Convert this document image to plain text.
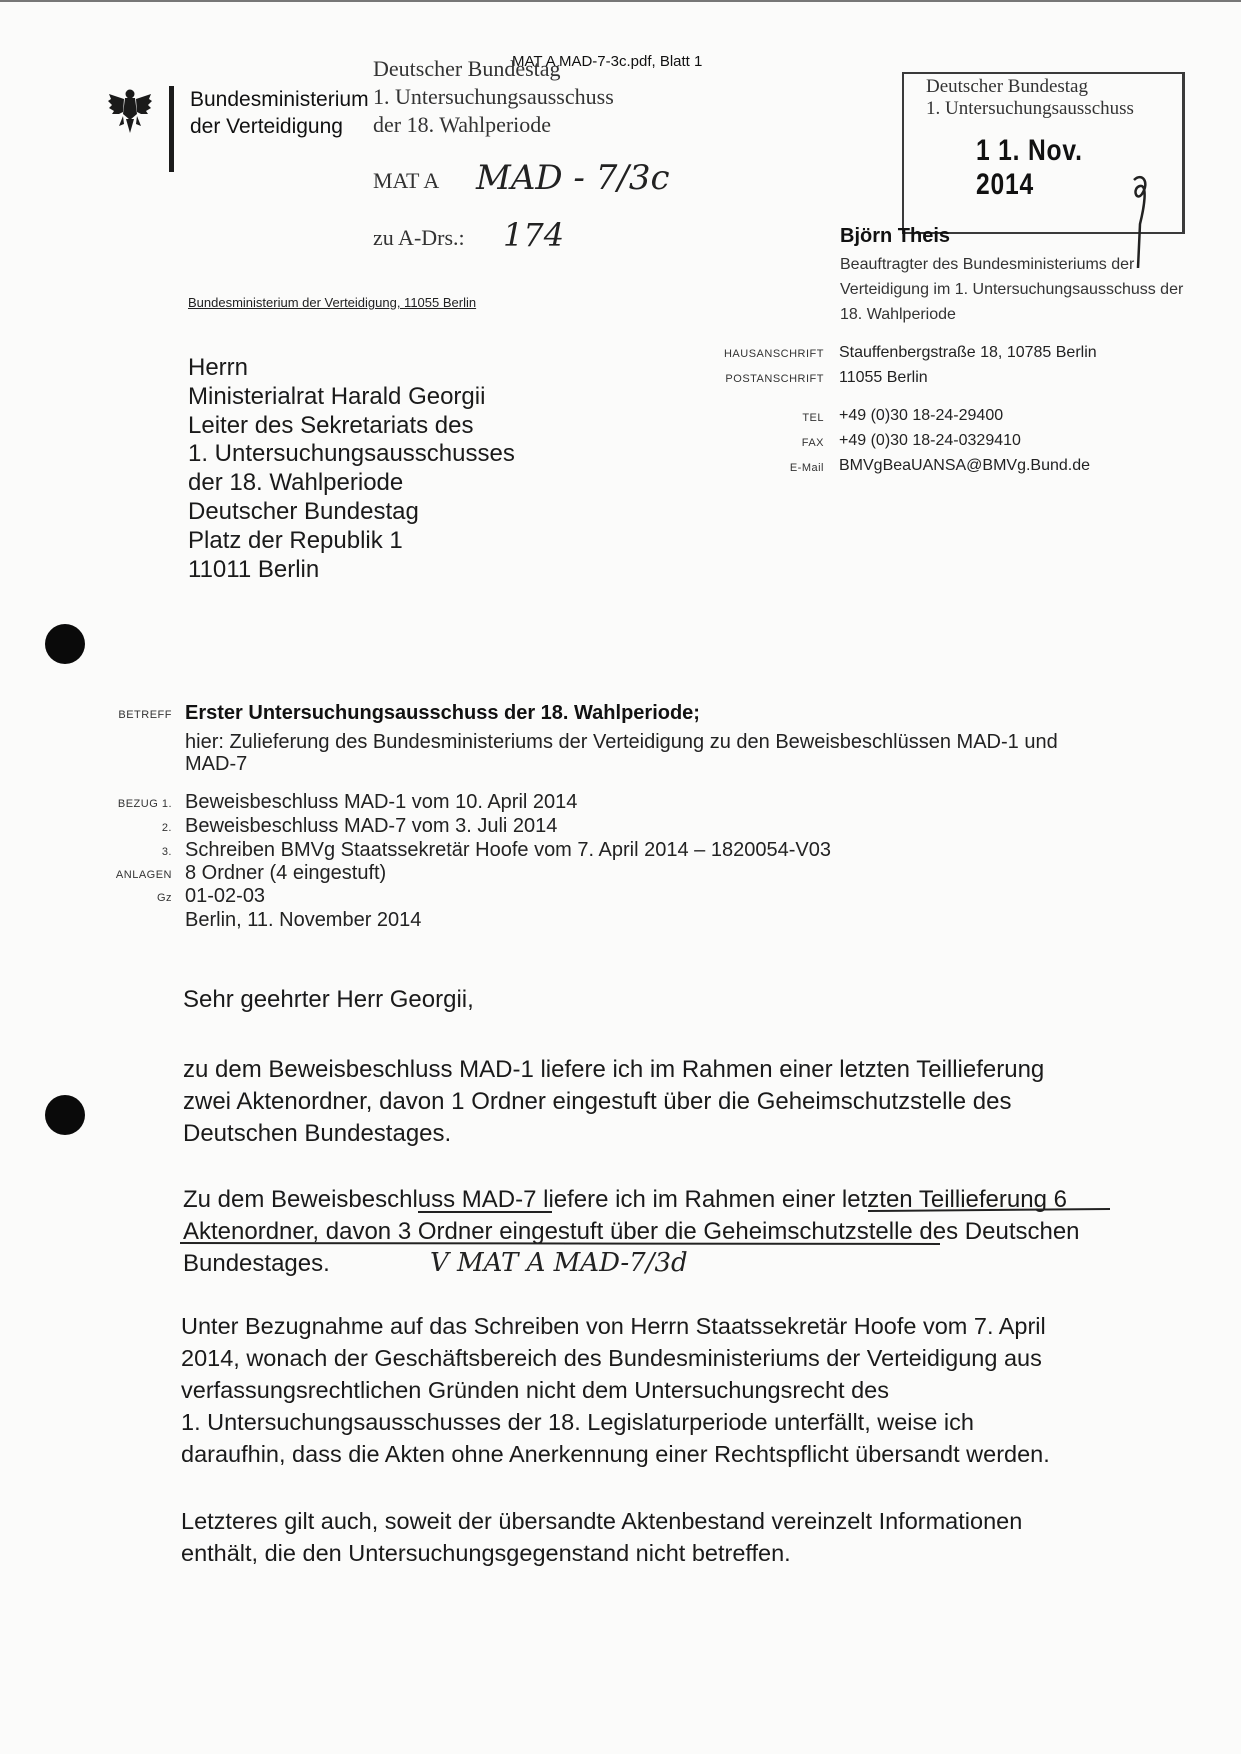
MAT A MAD-7-3c.pdf, Blatt 1
Bundesministerium
der Verteidigung
Deutscher Bundestag
1. Untersuchungsausschuss
der 18. Wahlperiode
MAT A MAD - 7/3c
zu A-Drs.: 174
Deutscher Bundestag
1. Untersuchungsausschuss
1 1. Nov. 2014
Björn Theis
Beauftragter des Bundesministeriums der
Verteidigung im 1. Untersuchungsausschuss der
18. Wahlperiode
Bundesministerium der Verteidigung, 11055 Berlin
Herrn
Ministerialrat Harald Georgii
Leiter des Sekretariats des
1. Untersuchungsausschusses
der 18. Wahlperiode
Deutscher Bundestag
Platz der Republik 1
11011 Berlin
HAUSANSCHRIFT Stauffenbergstraße 18, 10785 Berlin
POSTANSCHRIFT 11055 Berlin
TEL +49 (0)30 18-24-29400
FAX +49 (0)30 18-24-0329410
E-Mail BMVgBeaUANSA@BMVg.Bund.de
BETREFF Erster Untersuchungsausschuss der 18. Wahlperiode;
hier: Zulieferung des Bundesministeriums der Verteidigung zu den Beweisbeschlüssen MAD-1 und
MAD-7
BEZUG 1. Beweisbeschluss MAD-1 vom 10. April 2014
2. Beweisbeschluss MAD-7 vom 3. Juli 2014
3. Schreiben BMVg Staatssekretär Hoofe vom 7. April 2014 – 1820054-V03
ANLAGEN 8 Ordner (4 eingestuft)
Gz 01-02-03
Berlin, 11. November 2014
Sehr geehrter Herr Georgii,
zu dem Beweisbeschluss MAD-1 liefere ich im Rahmen einer letzten Teillieferung
zwei Aktenordner, davon 1 Ordner eingestuft über die Geheimschutzstelle des
Deutschen Bundestages.
Zu dem Beweisbeschluss MAD-7 liefere ich im Rahmen einer letzten Teillieferung 6
Aktenordner, davon 3 Ordner eingestuft über die Geheimschutzstelle des Deutschen
Bundestages.	V MAT A MAD-7/3d
Unter Bezugnahme auf das Schreiben von Herrn Staatssekretär Hoofe vom 7. April
2014, wonach der Geschäftsbereich des Bundesministeriums der Verteidigung aus
verfassungsrechtlichen Gründen nicht dem Untersuchungsrecht des
1. Untersuchungsausschusses der 18. Legislaturperiode unterfällt, weise ich
daraufhin, dass die Akten ohne Anerkennung einer Rechtspflicht übersandt werden.
Letzteres gilt auch, soweit der übersandte Aktenbestand vereinzelt Informationen
enthält, die den Untersuchungsgegenstand nicht betreffen.
